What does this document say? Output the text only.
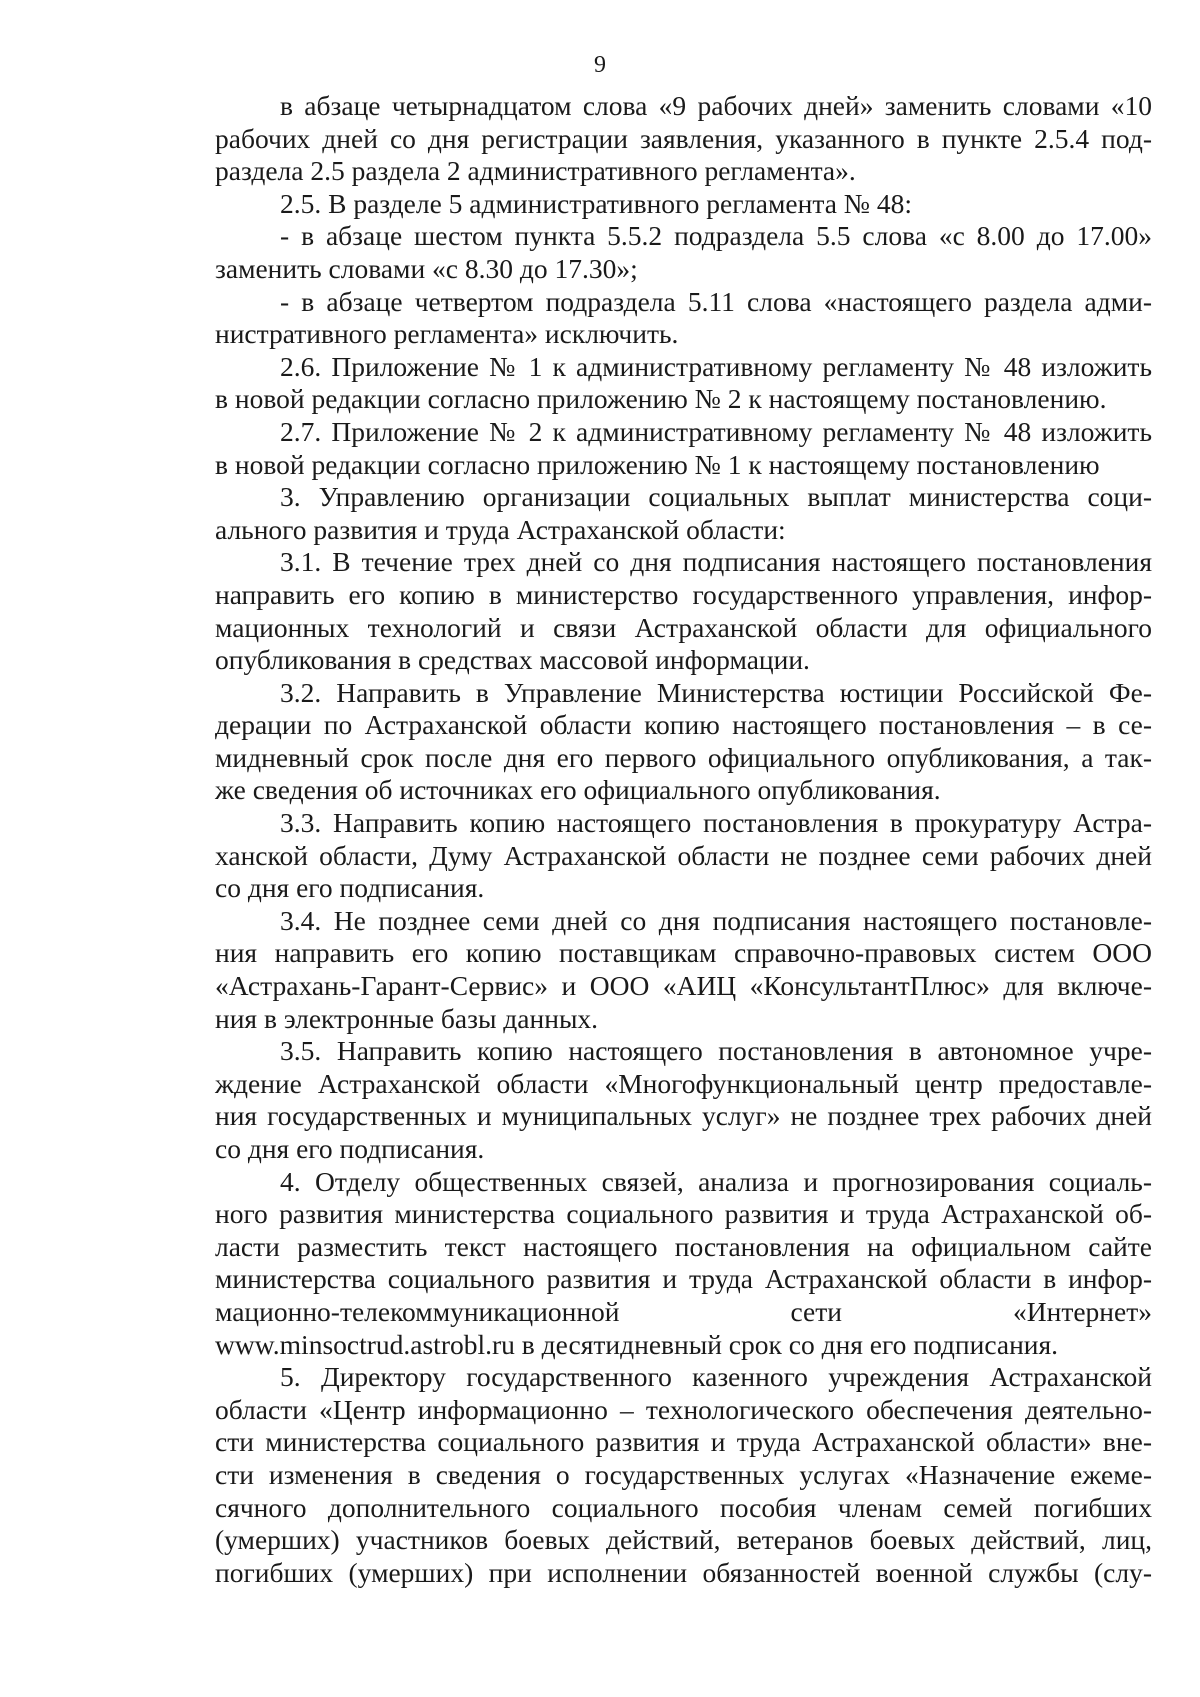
9
в абзаце четырнадцатом слова «9 рабочих дней» заменить словами «10
рабочих дней со дня регистрации заявления, указанного в пункте 2.5.4 под-
раздела 2.5 раздела 2 административного регламента».
2.5. В разделе 5 административного регламента № 48:
- в абзаце шестом пункта 5.5.2 подраздела 5.5 слова «с 8.00 до 17.00»
заменить словами «с 8.30 до 17.30»;
- в абзаце четвертом подраздела 5.11 слова «настоящего раздела адми-
нистративного регламента» исключить.
2.6. Приложение № 1 к административному регламенту № 48 изложить
в новой редакции согласно приложению № 2 к настоящему постановлению.
2.7. Приложение № 2 к административному регламенту № 48 изложить
в новой редакции согласно приложению № 1 к настоящему постановлению
3. Управлению организации социальных выплат министерства соци-
ального развития и труда Астраханской области:
3.1. В течение трех дней со дня подписания настоящего постановления
направить его копию в министерство государственного управления, инфор-
мационных технологий и связи Астраханской области для официального
опубликования в средствах массовой информации.
3.2. Направить в Управление Министерства юстиции Российской Фе-
дерации по Астраханской области копию настоящего постановления – в се-
мидневный срок после дня его первого официального опубликования, а так-
же сведения об источниках его официального опубликования.
3.3. Направить копию настоящего постановления в прокуратуру Астра-
ханской области, Думу Астраханской области не позднее семи рабочих дней
со дня его подписания.
3.4. Не позднее семи дней со дня подписания настоящего постановле-
ния направить его копию поставщикам справочно-правовых систем ООО
«Астрахань-Гарант-Сервис» и ООО «АИЦ «КонсультантПлюс» для включе-
ния в электронные базы данных.
3.5. Направить копию настоящего постановления в автономное учре-
ждение Астраханской области «Многофункциональный центр предоставле-
ния государственных и муниципальных услуг» не позднее трех рабочих дней
со дня его подписания.
4. Отделу общественных связей, анализа и прогнозирования социаль-
ного развития министерства социального развития и труда Астраханской об-
ласти разместить текст настоящего постановления на официальном сайте
министерства социального развития и труда Астраханской области в инфор-
мационно-телекоммуникационной сети «Интернет»
www.minsoctrud.astrobl.ru в десятидневный срок со дня его подписания.
5. Директору государственного казенного учреждения Астраханской
области «Центр информационно – технологического обеспечения деятельно-
сти министерства социального развития и труда Астраханской области» вне-
сти изменения в сведения о государственных услугах «Назначение ежеме-
сячного дополнительного социального пособия членам семей погибших
(умерших) участников боевых действий, ветеранов боевых действий, лиц,
погибших (умерших) при исполнении обязанностей военной службы (слу-
